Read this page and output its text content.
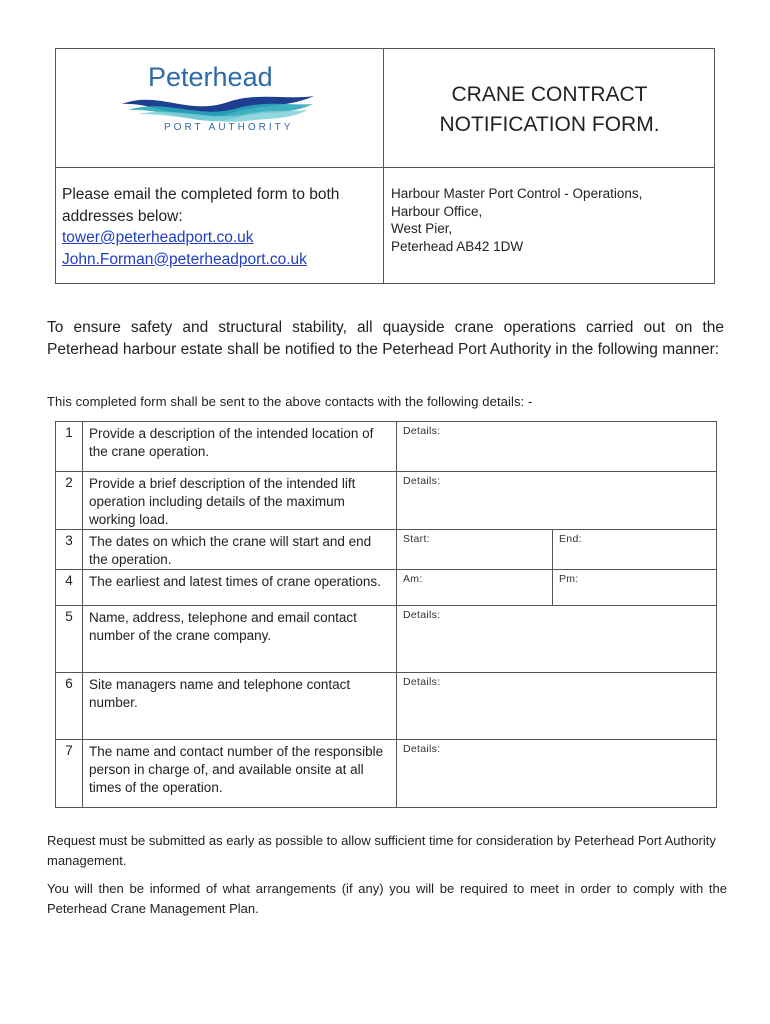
Peterhead
PORT AUTHORITY
CRANE CONTRACT
NOTIFICATION FORM.
Please email the completed form to both
addresses below:
tower@peterheadport.co.uk
John.Forman@peterheadport.co.uk
Harbour Master Port Control - Operations,
Harbour Office,
West Pier,
Peterhead AB42 1DW
To ensure safety and structural stability, all quayside crane operations carried out on the Peterhead harbour estate shall be notified to the Peterhead Port Authority in the following manner:
This completed form shall be sent to the above contacts with the following details: -
1	Provide a description of the intended location of the crane operation.	Details:	
2	Provide a brief description of the intended lift operation including details of the maximum working load.	Details:	
3	The dates on which the crane will start and end the operation.	Start:	End:
4	The earliest and latest times of crane operations.	Am:	Pm:
5	Name, address, telephone and email contact number of the crane company.	Details:	
6	Site managers name and telephone contact number.	Details:	
7	The name and contact number of the responsible person in charge of, and available onsite at all times of the operation.	Details:	
Request must be submitted as early as possible to allow sufficient time for consideration by Peterhead Port Authority management.
You will then be informed of what arrangements (if any) you will be required to meet in order to comply with the Peterhead Crane Management Plan.
